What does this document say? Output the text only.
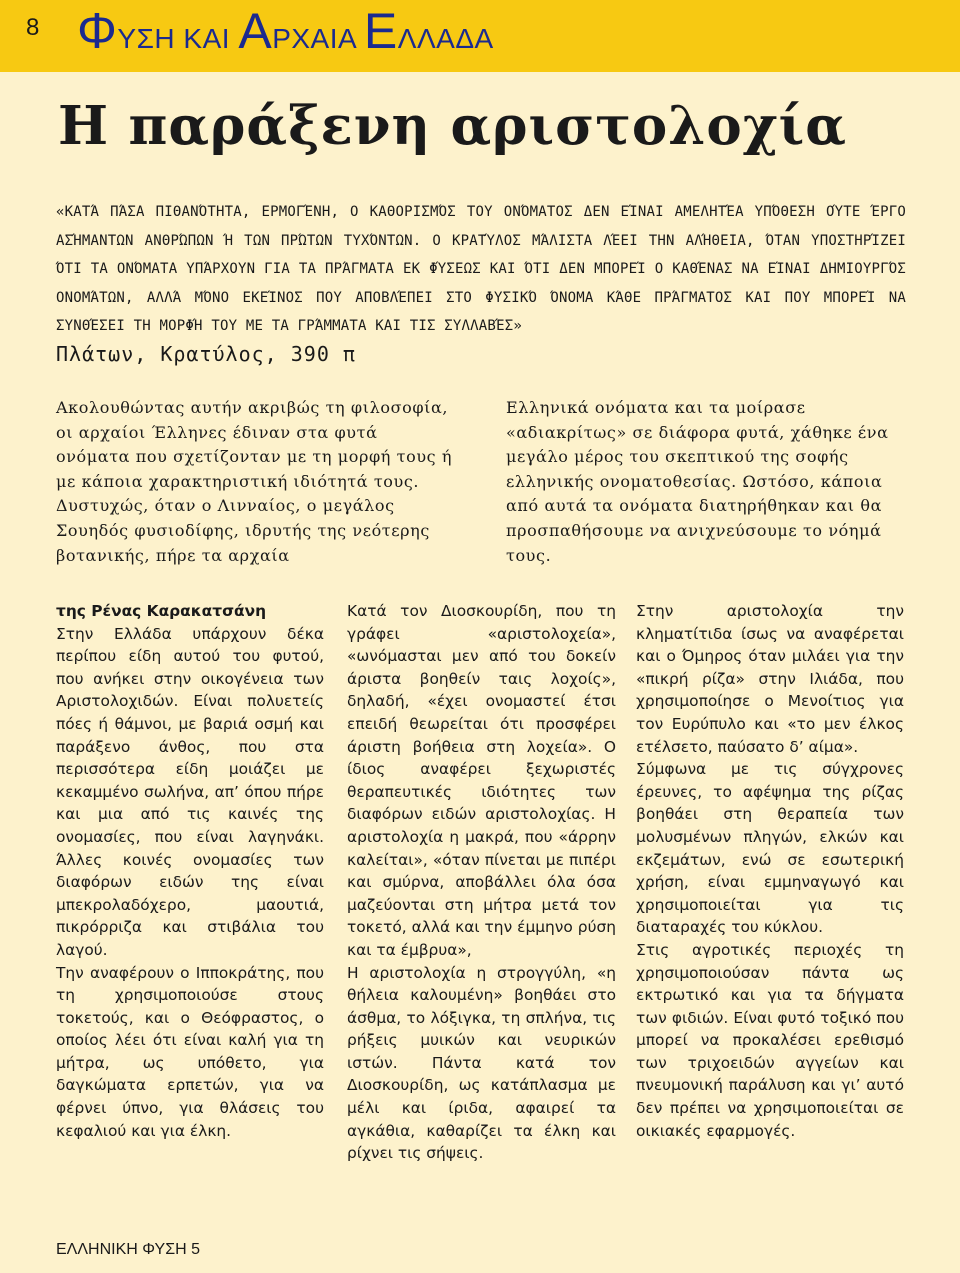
8 ΦΥΣΗ ΚΑΙ ΑΡΧΑΙΑ ΕΛΛΑΔΑ
Η παράξενη αριστολοχία
«ΚΑΤΆ ΠΆΣΑ ΠΙΘΑΝΌΤΗΤΑ, ΕΡΜΟΓΈΝΗ, Ο ΚΑΘΟΡΙΣΜΌΣ ΤΟΥ ΟΝΌΜΑΤΟΣ ΔΕΝ ΕΊΝΑΙ ΑΜΕΛΗΤΈΑ ΥΠΌΘΕΣΗ ΟΎΤΕ ΈΡΓΟ ΑΣΉΜΑΝΤΩΝ ΑΝΘΡΏΠΩΝ Ή ΤΩΝ ΠΡΏΤΩΝ ΤΥΧΌΝΤΩΝ. Ο ΚΡΑΤΎΛΟΣ ΜΆΛΙΣΤΑ ΛΈΕΙ ΤΗΝ ΑΛΉΘΕΙΑ, ΌΤΑΝ ΥΠΟΣΤΗΡΊΖΕΙ ΌΤΙ ΤΑ ΟΝΌΜΑΤΑ ΥΠΆΡΧΟΥΝ ΓΙΑ ΤΑ ΠΡΆΓΜΑΤΑ ΕΚ ΦΎΣΕΩΣ ΚΑΙ ΌΤΙ ΔΕΝ ΜΠΟΡΕΊ Ο ΚΑΘΈΝΑΣ ΝΑ ΕΊΝΑΙ ΔΗΜΙΟΥΡΓΌΣ ΟΝΟΜΆΤΩΝ, ΑΛΛΆ ΜΌΝΟ ΕΚΕΊΝΟΣ ΠΟΥ ΑΠΟΒΛΈΠΕΙ ΣΤΟ ΦΥΣΙΚΌ ΌΝΟΜΑ ΚΆΘΕ ΠΡΆΓΜΑΤΟΣ ΚΑΙ ΠΟΥ ΜΠΟΡΕΊ ΝΑ ΣΥΝΘΈΣΕΙ ΤΗ ΜΟΡΦΉ ΤΟΥ ΜΕ ΤΑ ΓΡΆΜΜΑΤΑ ΚΑΙ ΤΙΣ ΣΥΛΛΑΒΈΣ»
Πλάτων, Κρατύλος, 390 π
Ακολουθώντας αυτήν ακριβώς τη φιλοσοφία, οι αρχαίοι Έλληνες έδιναν στα φυτά ονόματα που σχετίζονταν με τη μορφή τους ή με κάποια χαρακτηριστική ιδιότητά τους. Δυστυχώς, όταν ο Λινναίος, ο μεγάλος Σουηδός φυσιοδίφης, ιδρυτής της νεότερης βοτανικής, πήρε τα αρχαία
Ελληνικά ονόματα και τα μοίρασε «αδιακρίτως» σε διάφορα φυτά, χάθηκε ένα μεγάλο μέρος του σκεπτικού της σοφής ελληνικής ονοματοθεσίας. Ωστόσο, κάποια από αυτά τα ονόματα διατηρήθηκαν και θα προσπαθήσουμε να ανιχνεύσουμε το νόημά τους.

της Ρένας Καρακατσάνη

Στην Ελλάδα υπάρχουν δέκα περίπου είδη αυτού του φυτού, που ανήκει στην οικογένεια των Αριστολοχιδών. Είναι πολυετείς πόες ή θάμνοι, με βαριά οσμή και παράξενο άνθος, που στα περισσότερα είδη μοιάζει με κεκαμμένο σωλήνα, απ’ όπου πήρε και μια από τις καινές της ονομασίες, που είναι λαγηνάκι. Άλλες κοινές ονομασίες των διαφόρων ειδών της είναι μπεκρολαδόχερο, μαουτιά, πικρόρριζα και στιβάλια του λαγού.

Την αναφέρουν ο Ιπποκράτης, που τη χρησιμοποιούσε στους τοκετούς, και ο Θεόφραστος, ο οποίος λέει ότι είναι καλή για τη μήτρα, ως υπόθετο, για δαγκώματα ερπετών, για να φέρνει ύπνο, για θλάσεις του κεφαλιού και για έλκη.

Κατά τον Διοσκουρίδη, που τη γράφει «αριστολοχεία», «ωνόμασται μεν από του δοκείν άριστα βοηθείν ταις λοχοίς», δηλαδή, «έχει ονομαστεί έτσι επειδή θεωρείται ότι προσφέρει άριστη βοήθεια στη λοχεία». Ο ίδιος αναφέρει ξεχωριστές θεραπευτικές ιδιότητες των διαφόρων ειδών αριστολοχίας. Η αριστολοχία η μακρά, που «άρρην καλείται», «όταν πίνεται με πιπέρι και σμύρνα, αποβάλλει όλα όσα μαζεύονται στη μήτρα μετά τον τοκετό, αλλά και την έμμηνο ρύση και τα έμβρυα»,

Η αριστολοχία η στρογγύλη, «η θήλεια καλουμένη» βοηθάει στο άσθμα, το λόξιγκα, τη σπλήνα, τις ρήξεις μυικών και νευρικών ιστών. Πάντα κατά τον Διοσκουρίδη, ως κατάπλασμα με μέλι και ίριδα, αφαιρεί τα αγκάθια, καθαρίζει τα έλκη και ρίχνει τις σήψεις.

Στην αριστολοχία την κληματίτιδα ίσως να αναφέρεται και ο Όμηρος όταν μιλάει για την «πικρή ρίζα» στην Ιλιάδα, που χρησιμοποίησε ο Μενοίτιος για τον Ευρύπυλο και «το μεν έλκος ετέλσετο, παύσατο δ’ αίμα».

Σύμφωνα με τις σύγχρονες έρευνες, το αφέψημα της ρίζας βοηθάει στη θεραπεία των μολυσμένων πληγών, ελκών και εκζεμάτων, ενώ σε εσωτερική χρήση, είναι εμμηναγωγό και χρησιμοποιείται για τις διαταραχές του κύκλου.

Στις αγροτικές περιοχές τη χρησιμοποιούσαν πάντα ως εκτρωτικό και για τα δήγματα των φιδιών. Είναι φυτό τοξικό που μπορεί να προκαλέσει ερεθισμό των τριχοειδών αγγείων και πνευμονική παράλυση και γι’ αυτό δεν πρέπει να χρησιμοποιείται σε οικιακές εφαρμογές.

ΕΛΛΗΝΙΚΗ ΦΥΣΗ 5
